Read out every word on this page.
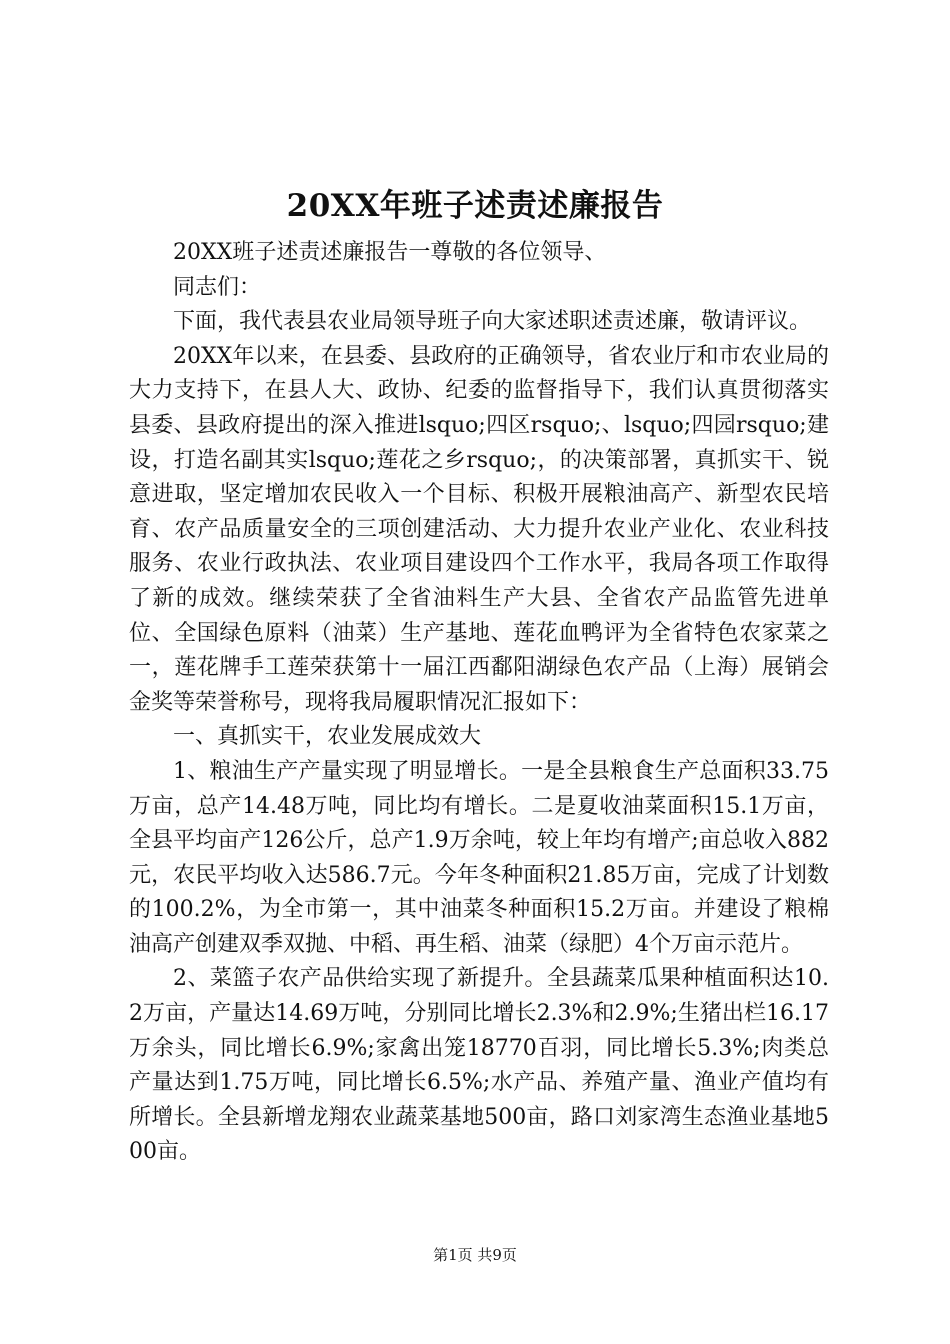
20XX年班子述责述廉报告

20XX班子述责述廉报告一尊敬的各位领导、

同志们：

下面，我代表县农业局领导班子向大家述职述责述廉，敬请评议。

20XX年以来，在县委、县政府的正确领导，省农业厅和市农业局的大力支持下，在县人大、政协、纪委的监督指导下，我们认真贯彻落实县委、县政府提出的深入推进lsquo;四区rsquo;、lsquo;四园rsquo;建设，打造名副其实lsquo;莲花之乡rsquo;，的决策部署，真抓实干、锐意进取，坚定增加农民收入一个目标、积极开展粮油高产、新型农民培育、农产品质量安全的三项创建活动、大力提升农业产业化、农业科技服务、农业行政执法、农业项目建设四个工作水平，我局各项工作取得了新的成效。继续荣获了全省油料生产大县、全省农产品监管先进单位、全国绿色原料（油菜）生产基地、莲花血鸭评为全省特色农家菜之一，莲花牌手工莲荣获第十一届江西鄱阳湖绿色农产品（上海）展销会金奖等荣誉称号，现将我局履职情况汇报如下：

一、真抓实干，农业发展成效大

1、粮油生产产量实现了明显增长。一是全县粮食生产总面积33.75万亩，总产14.48万吨，同比均有增长。二是夏收油菜面积15.1万亩，全县平均亩产126公斤，总产1.9万余吨，较上年均有增产;亩总收入882元，农民平均收入达586.7元。今年冬种面积21.85万亩，完成了计划数的100.2%，为全市第一，其中油菜冬种面积15.2万亩。并建设了粮棉油高产创建双季双抛、中稻、再生稻、油菜（绿肥）4个万亩示范片。

2、菜篮子农产品供给实现了新提升。全县蔬菜瓜果种植面积达10.2万亩，产量达14.69万吨，分别同比增长2.3%和2.9%;生猪出栏16.17万余头，同比增长6.9%;家禽出笼18770百羽，同比增长5.3%;肉类总产量达到1.75万吨，同比增长6.5%;水产品、养殖产量、渔业产值均有所增长。全县新增龙翔农业蔬菜基地500亩，路口刘家湾生态渔业基地500亩。

第1页 共9页
